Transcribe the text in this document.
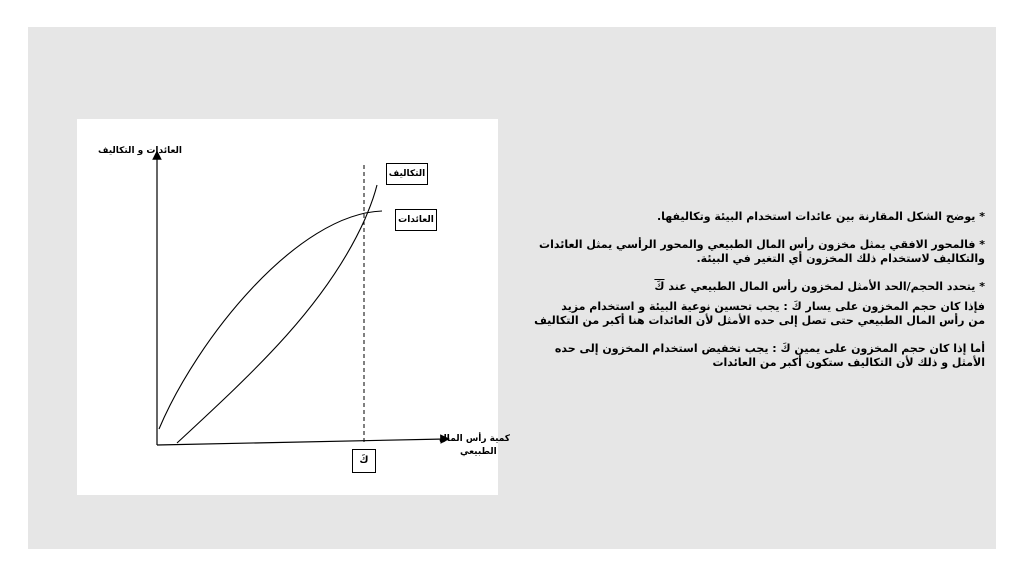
العائدات و التكاليف
التكاليف
العائدات
كمية رأس المال
الطبيعي
كَ

* يوضح الشكل المقارنة بين عائدات استخدام البيئة وتكاليفها.

* فالمحور الافقي يمثل مخزون رأس المال الطبيعي والمحور الرأسي يمثل العائدات

والتكاليف لاستخدام ذلك المخزون أي التغير في البيئة.

* يتحدد الحجم/الحد الأمثل لمخزون رأس المال الطبيعي عند كَ

فإذا كان حجم المخزون على يسار كَ : يجب تحسين نوعية البيئة و استخدام مزيد

من رأس المال الطبيعي حتى تصل إلى حده الأمثل لأن العائدات هنا أكبر من التكاليف

أما إذا كان حجم المخزون على يمين كَ : يجب تخفيض استخدام المخزون إلى حده

الأمثل و ذلك لأن التكاليف ستكون أكبر من العائدات
